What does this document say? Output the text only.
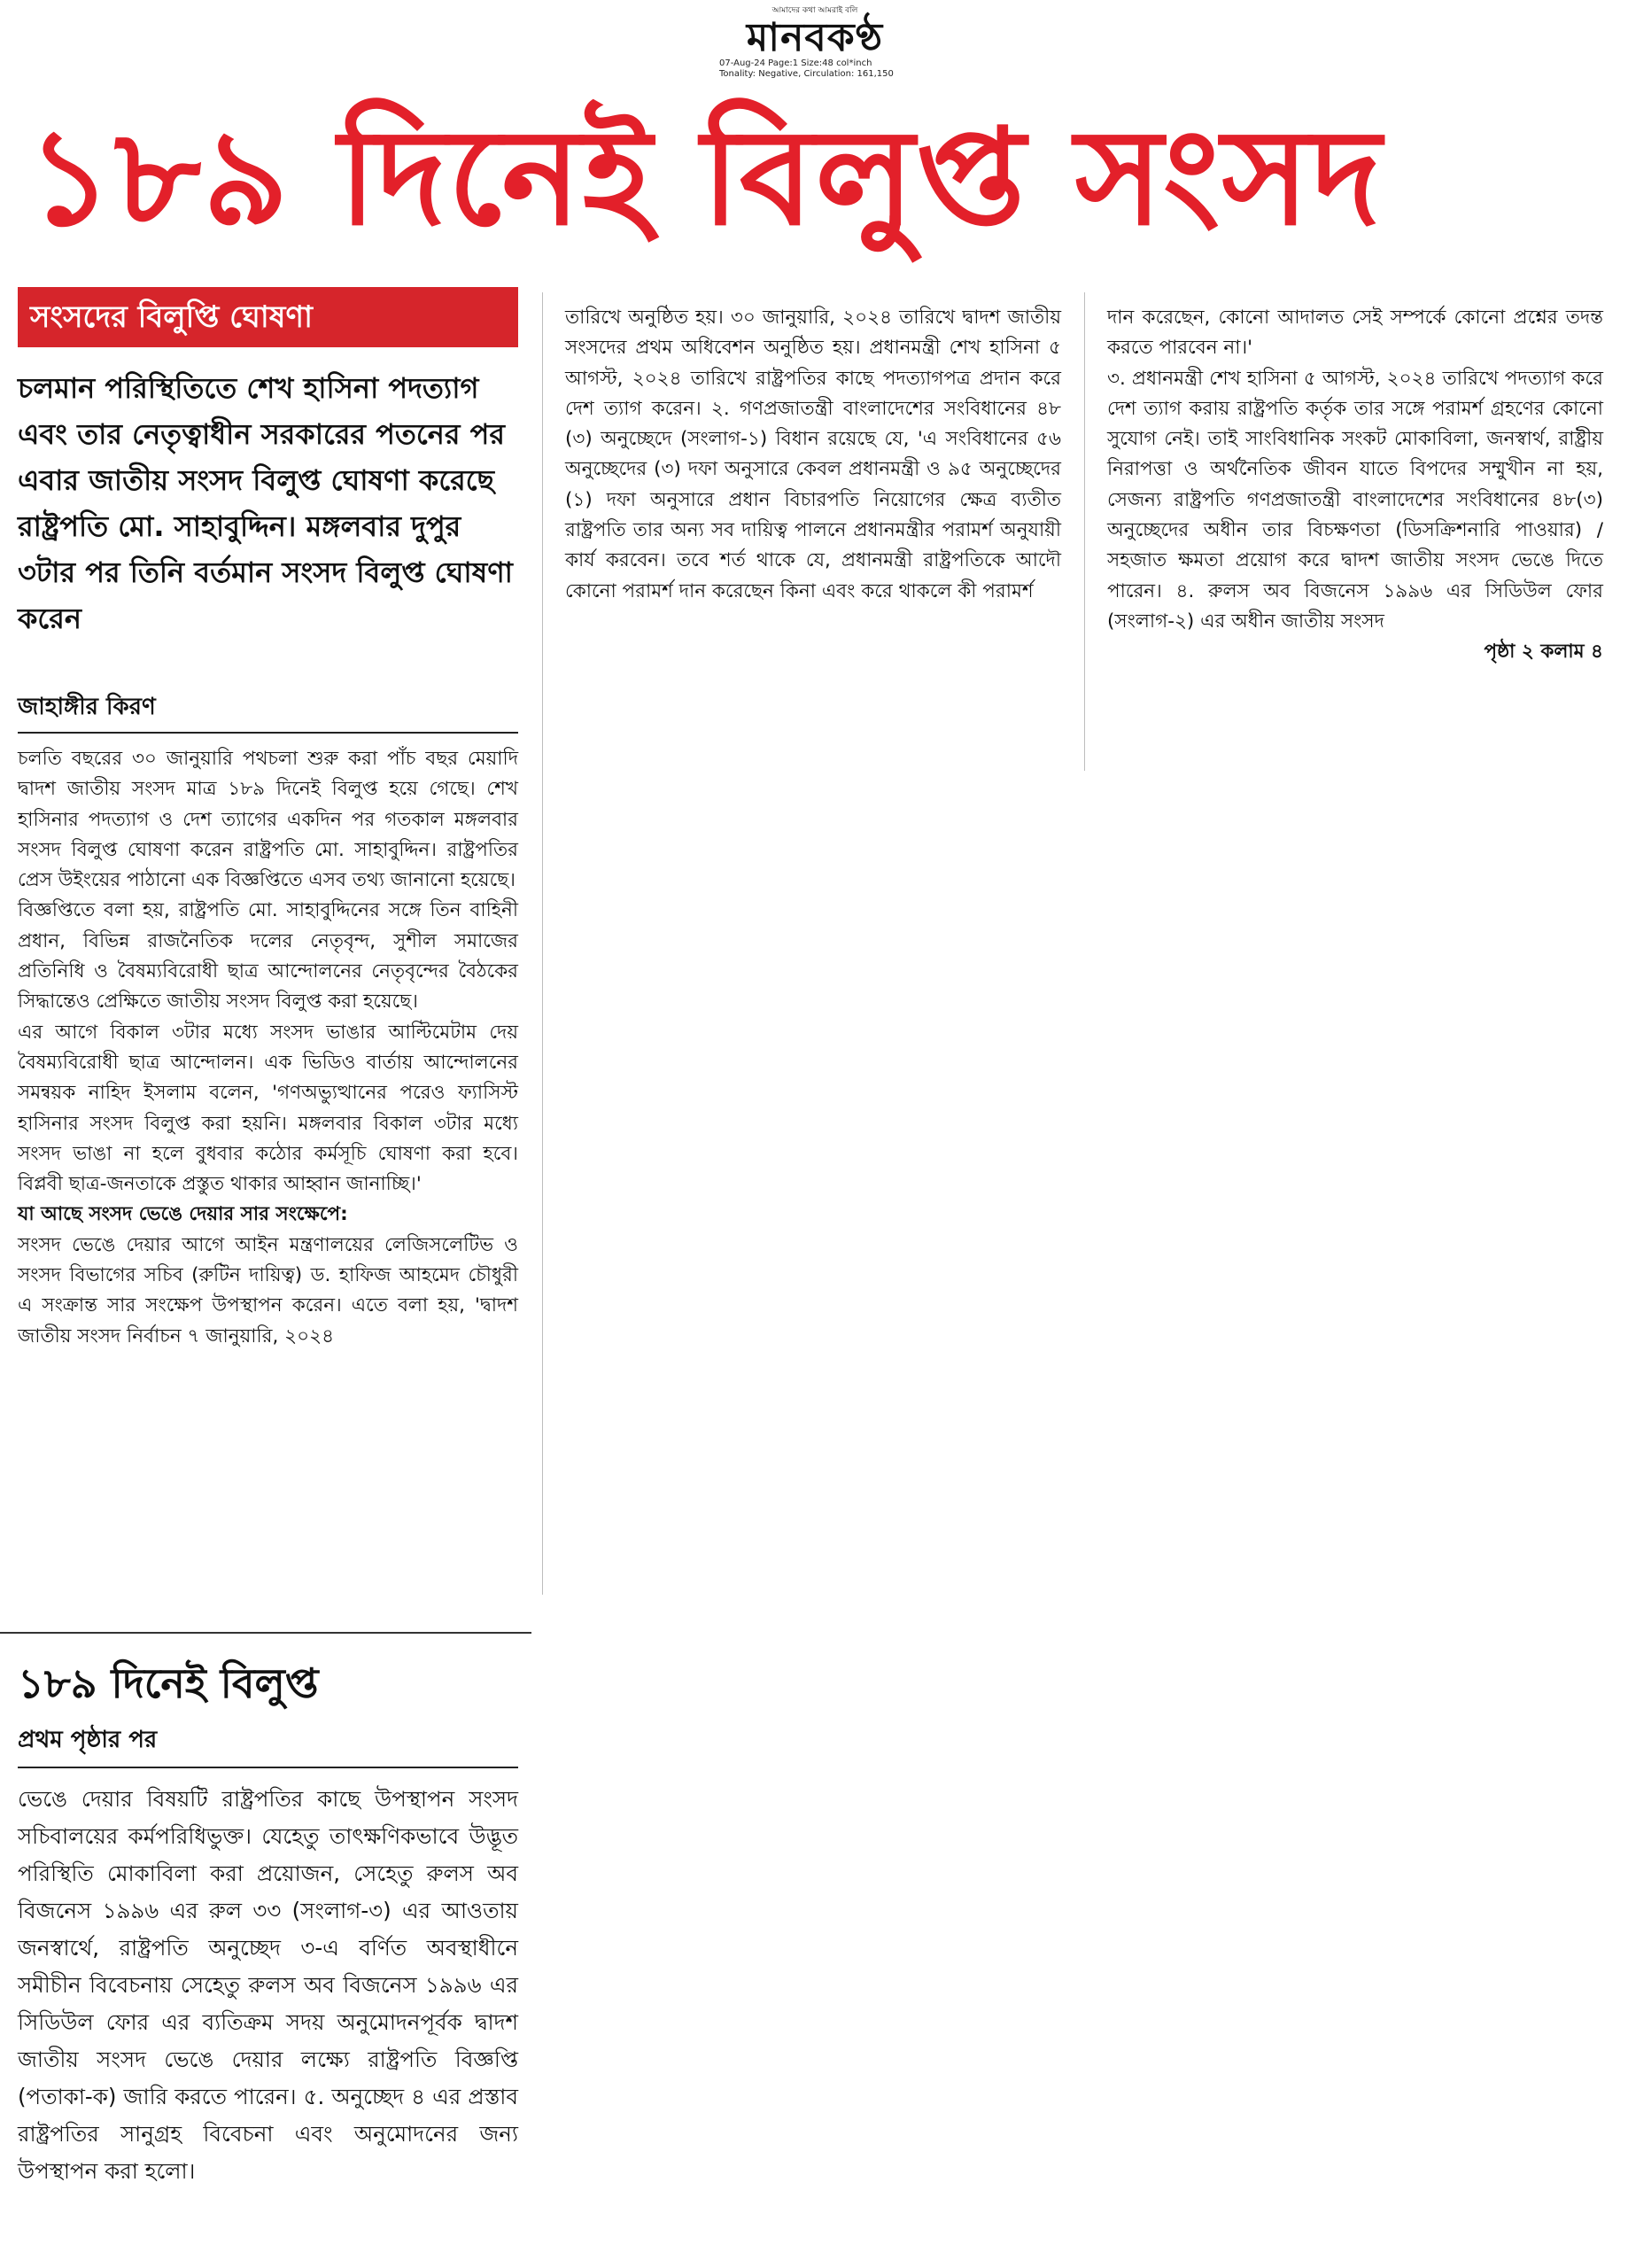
আমাদের কথা আমরাই বলি
মানবকণ্ঠ
07-Aug-24 Page:1 Size:48 col*inch
Tonality: Negative, Circulation: 161,150
১৮৯ দিনেই বিলুপ্ত সংসদ
সংসদের বিলুপ্তি ঘোষণা
চলমান পরিস্থিতিতে শেখ হাসিনা পদত্যাগ এবং তার নেতৃত্বাধীন সরকারের পতনের পর এবার জাতীয় সংসদ বিলুপ্ত ঘোষণা করেছে রাষ্ট্রপতি মো. সাহাবুদ্দিন। মঙ্গলবার দুপুর ৩টার পর তিনি বর্তমান সংসদ বিলুপ্ত ঘোষণা করেন
জাহাঙ্গীর কিরণ

চলতি বছরের ৩০ জানুয়ারি পথচলা শুরু করা পাঁচ বছর মেয়াদি দ্বাদশ জাতীয় সংসদ মাত্র ১৮৯ দিনেই বিলুপ্ত হয়ে গেছে। শেখ হাসিনার পদত্যাগ ও দেশ ত্যাগের একদিন পর গতকাল মঙ্গলবার সংসদ বিলুপ্ত ঘোষণা করেন রাষ্ট্রপতি মো. সাহাবুদ্দিন। রাষ্ট্রপতির প্রেস উইংয়ের পাঠানো এক বিজ্ঞপ্তিতে এসব তথ্য জানানো হয়েছে।

বিজ্ঞপ্তিতে বলা হয়, রাষ্ট্রপতি মো. সাহাবুদ্দিনের সঙ্গে তিন বাহিনী প্রধান, বিভিন্ন রাজনৈতিক দলের নেতৃবৃন্দ, সুশীল সমাজের প্রতিনিধি ও বৈষম্যবিরোধী ছাত্র আন্দোলনের নেতৃবৃন্দের বৈঠকের সিদ্ধান্তেও প্রেক্ষিতে জাতীয় সংসদ বিলুপ্ত করা হয়েছে।

এর আগে বিকাল ৩টার মধ্যে সংসদ ভাঙার আল্টিমেটাম দেয় বৈষম্যবিরোধী ছাত্র আন্দোলন। এক ভিডিও বার্তায় আন্দোলনের সমন্বয়ক নাহিদ ইসলাম বলেন, 'গণঅভ্যুত্থানের পরেও ফ্যাসিস্ট হাসিনার সংসদ বিলুপ্ত করা হয়নি। মঙ্গলবার বিকাল ৩টার মধ্যে সংসদ ভাঙা না হলে বুধবার কঠোর কর্মসূচি ঘোষণা করা হবে। বিপ্লবী ছাত্র-জনতাকে প্রস্তুত থাকার আহ্বান জানাচ্ছি।'

যা আছে সংসদ ভেঙে দেয়ার সার সংক্ষেপে:

সংসদ ভেঙে দেয়ার আগে আইন মন্ত্রণালয়ের লেজিসলেটিভ ও সংসদ বিভাগের সচিব (রুটিন দায়িত্ব) ড. হাফিজ আহমেদ চৌধুরী এ সংক্রান্ত সার সংক্ষেপ উপস্থাপন করেন। এতে বলা হয়, 'দ্বাদশ জাতীয় সংসদ নির্বাচন ৭ জানুয়ারি, ২০২৪

তারিখে অনুষ্ঠিত হয়। ৩০ জানুয়ারি, ২০২৪ তারিখে দ্বাদশ জাতীয় সংসদের প্রথম অধিবেশন অনুষ্ঠিত হয়। প্রধানমন্ত্রী শেখ হাসিনা ৫ আগস্ট, ২০২৪ তারিখে রাষ্ট্রপতির কাছে পদত্যাগপত্র প্রদান করে দেশ ত্যাগ করেন। ২. গণপ্রজাতন্ত্রী বাংলাদেশের সংবিধানের ৪৮ (৩) অনুচ্ছেদে (সংলাগ-১) বিধান রয়েছে যে, 'এ সংবিধানের ৫৬ অনুচ্ছেদের (৩) দফা অনুসারে কেবল প্রধানমন্ত্রী ও ৯৫ অনুচ্ছেদের (১) দফা অনুসারে প্রধান বিচারপতি নিয়োগের ক্ষেত্র ব্যতীত রাষ্ট্রপতি তার অন্য সব দায়িত্ব পালনে প্রধানমন্ত্রীর পরামর্শ অনুযায়ী কার্য করবেন। তবে শর্ত থাকে যে, প্রধানমন্ত্রী রাষ্ট্রপতিকে আদৌ কোনো পরামর্শ দান করেছেন কিনা এবং করে থাকলে কী পরামর্শ

দান করেছেন, কোনো আদালত সেই সম্পর্কে কোনো প্রশ্নের তদন্ত করতে পারবেন না।'

৩. প্রধানমন্ত্রী শেখ হাসিনা ৫ আগস্ট, ২০২৪ তারিখে পদত্যাগ করে দেশ ত্যাগ করায় রাষ্ট্রপতি কর্তৃক তার সঙ্গে পরামর্শ গ্রহণের কোনো সুযোগ নেই। তাই সাংবিধানিক সংকট মোকাবিলা, জনস্বার্থ, রাষ্ট্রীয় নিরাপত্তা ও অর্থনৈতিক জীবন যাতে বিপদের সম্মুখীন না হয়, সেজন্য রাষ্ট্রপতি গণপ্রজাতন্ত্রী বাংলাদেশের সংবিধানের ৪৮(৩) অনুচ্ছেদের অধীন তার বিচক্ষণতা (ডিসক্রিশনারি পাওয়ার) / সহজাত ক্ষমতা প্রয়োগ করে দ্বাদশ জাতীয় সংসদ ভেঙে দিতে পারেন। ৪. রুলস অব বিজনেস ১৯৯৬ এর সিডিউল ফোর (সংলাগ-২) এর অধীন জাতীয় সংসদ

পৃষ্ঠা ২ কলাম ৪

১৮৯ দিনেই বিলুপ্ত
প্রথম পৃষ্ঠার পর

ভেঙে দেয়ার বিষয়টি রাষ্ট্রপতির কাছে উপস্থাপন সংসদ সচিবালয়ের কর্মপরিধিভুক্ত। যেহেতু তাৎক্ষণিকভাবে উদ্ভূত পরিস্থিতি মোকাবিলা করা প্রয়োজন, সেহেতু রুলস অব বিজনেস ১৯৯৬ এর রুল ৩৩ (সংলাগ-৩) এর আওতায় জনস্বার্থে, রাষ্ট্রপতি অনুচ্ছেদ ৩-এ বর্ণিত অবস্থাধীনে সমীচীন বিবেচনায় সেহেতু রুলস অব বিজনেস ১৯৯৬ এর সিডিউল ফোর এর ব্যতিক্রম সদয় অনুমোদনপূর্বক দ্বাদশ জাতীয় সংসদ ভেঙে দেয়ার লক্ষ্যে রাষ্ট্রপতি বিজ্ঞপ্তি (পতাকা-ক) জারি করতে পারেন। ৫. অনুচ্ছেদ ৪ এর প্রস্তাব রাষ্ট্রপতির সানুগ্রহ বিবেচনা এবং অনুমোদনের জন্য উপস্থাপন করা হলো।
